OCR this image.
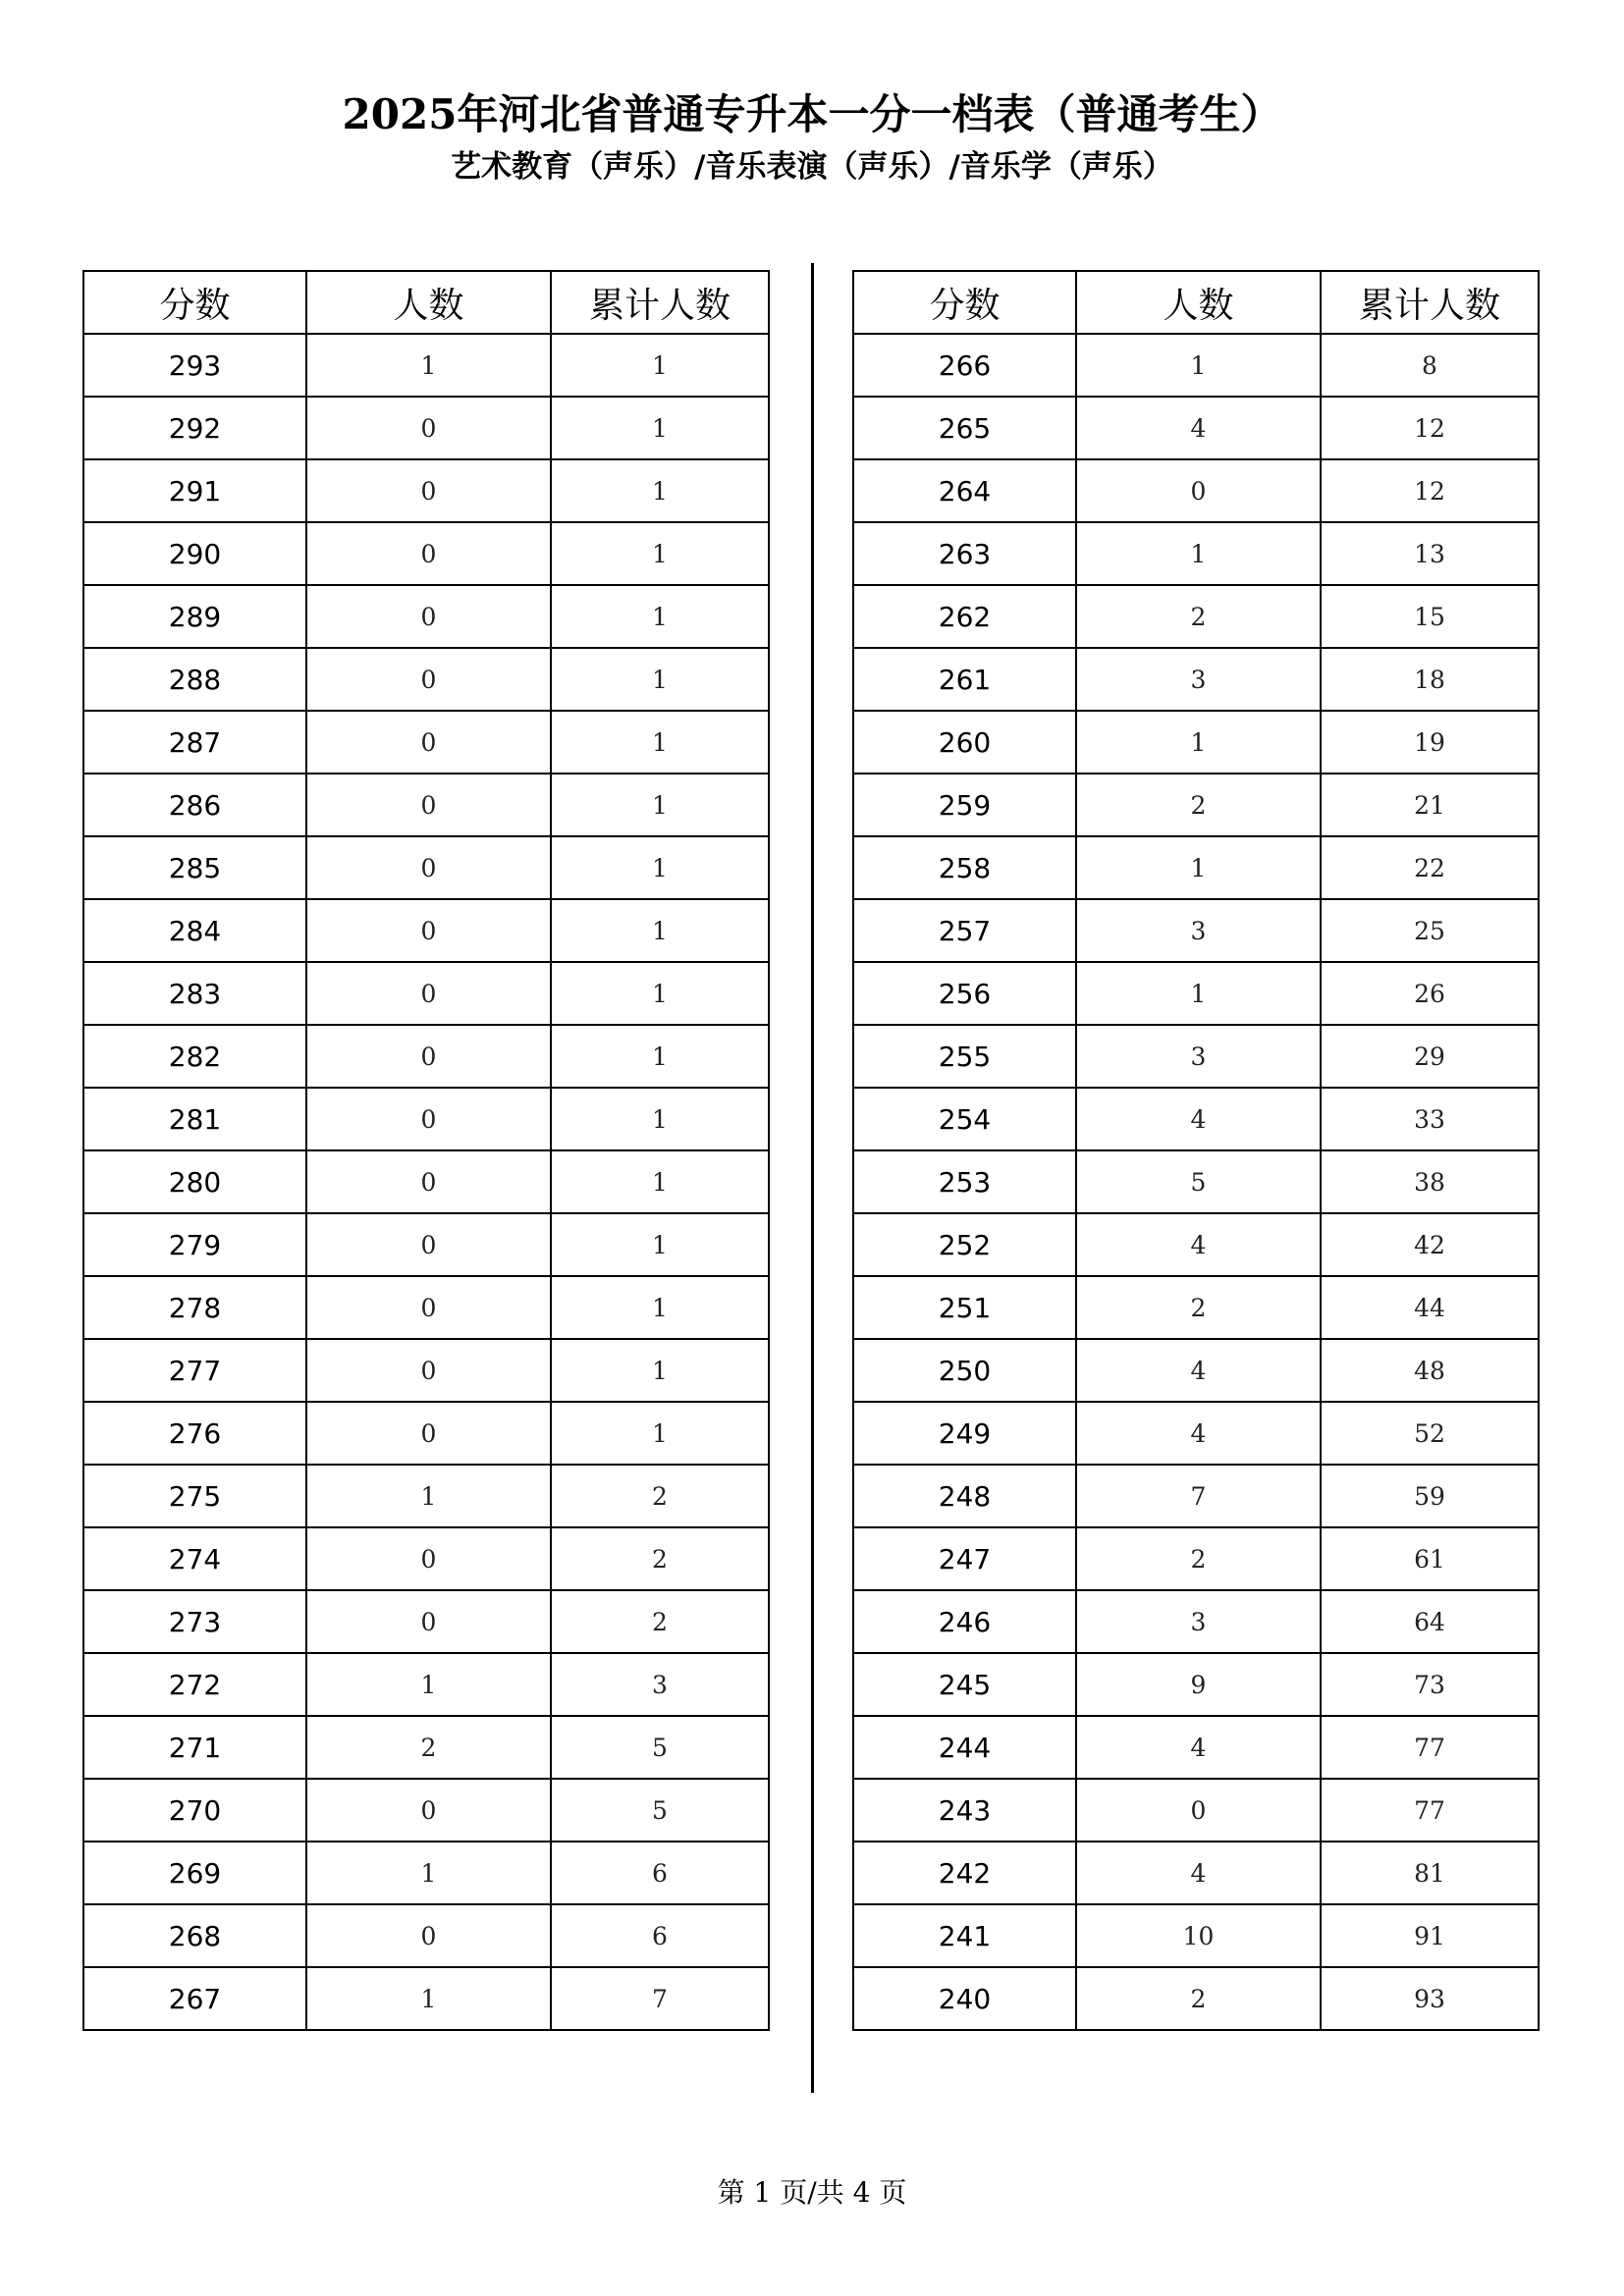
2025年河北省普通专升本一分一档表（普通考生）
艺术教育（声乐）/音乐表演（声乐）/音乐学（声乐）
分数	人数	累计人数
293	1	1
292	0	1
291	0	1
290	0	1
289	0	1
288	0	1
287	0	1
286	0	1
285	0	1
284	0	1
283	0	1
282	0	1
281	0	1
280	0	1
279	0	1
278	0	1
277	0	1
276	0	1
275	1	2
274	0	2
273	0	2
272	1	3
271	2	5
270	0	5
269	1	6
268	0	6
267	1	7
分数	人数	累计人数
266	1	8
265	4	12
264	0	12
263	1	13
262	2	15
261	3	18
260	1	19
259	2	21
258	1	22
257	3	25
256	1	26
255	3	29
254	4	33
253	5	38
252	4	42
251	2	44
250	4	48
249	4	52
248	7	59
247	2	61
246	3	64
245	9	73
244	4	77
243	0	77
242	4	81
241	10	91
240	2	93
第 1 页/共 4 页
